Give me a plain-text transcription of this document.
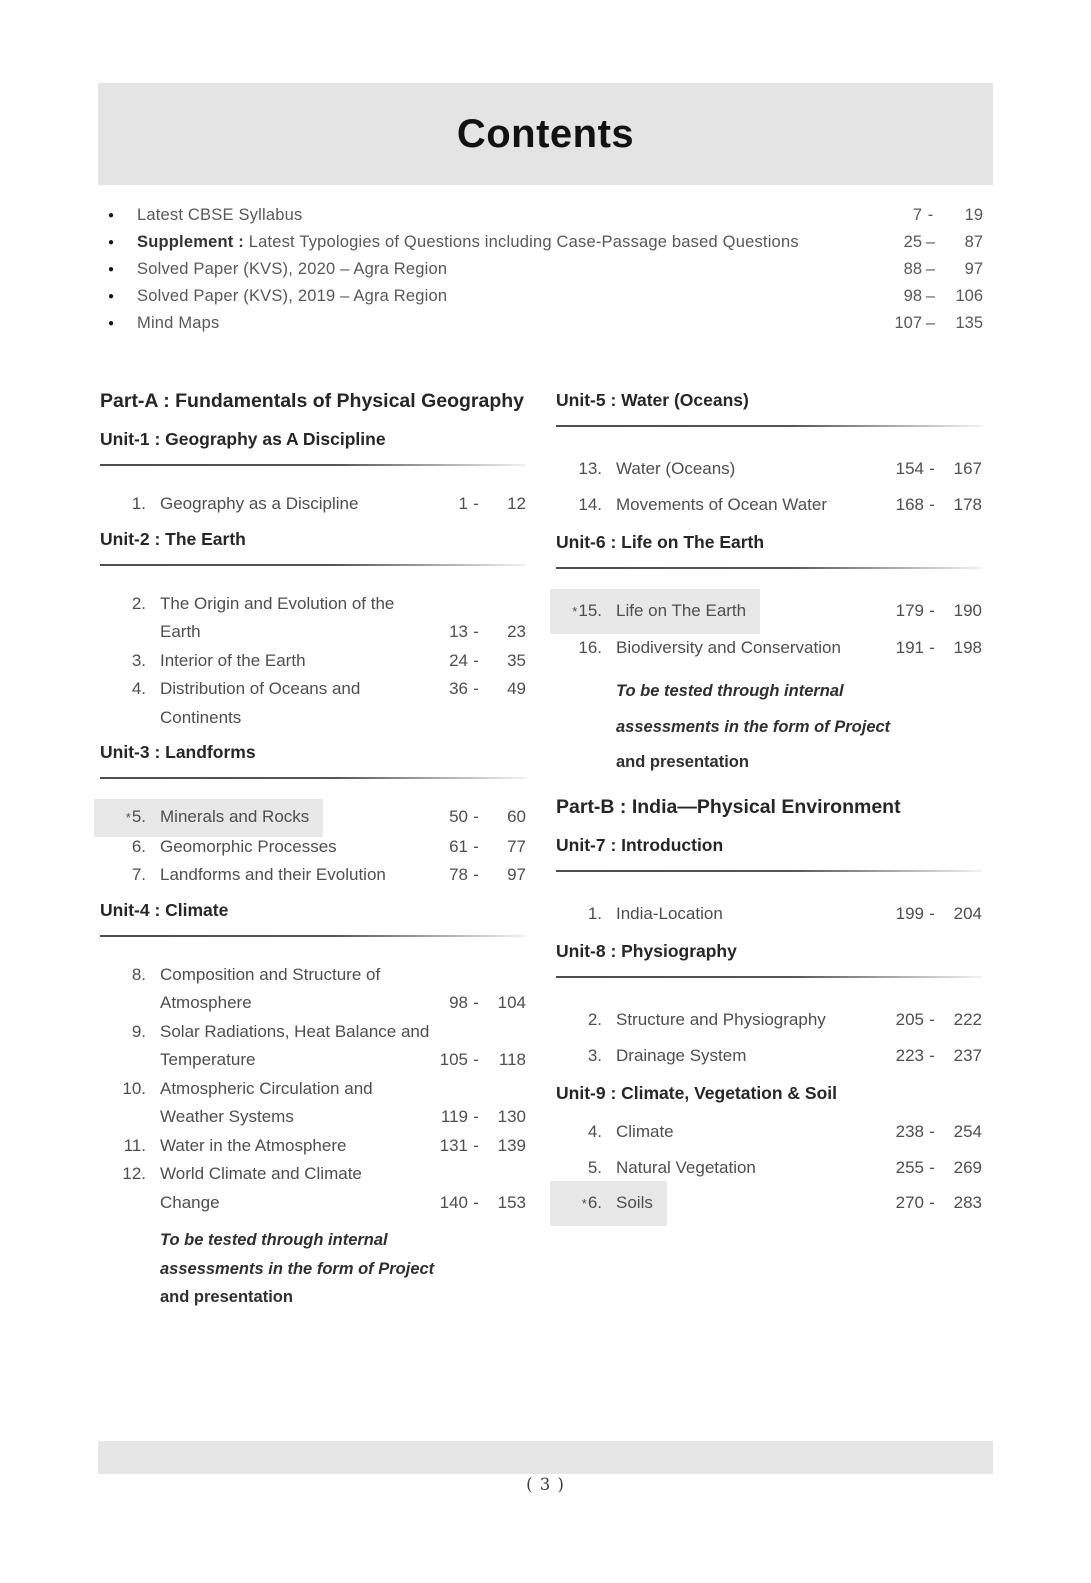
Contents
●	Latest CBSE Syllabus	7 -	19
●	Supplement : Latest Typologies of Questions including Case-Passage based Questions	25 –	87
●	Solved Paper (KVS), 2020 – Agra Region	88 –	97
●	Solved Paper (KVS), 2019 – Agra Region	98 –	106
●	Mind Maps	107 –	135
Part-A : Fundamentals of Physical Geography
Unit-1 : Geography as A Discipline
1. Geography as a Discipline	1 -	12
Unit-2 : The Earth
2. The Origin and Evolution of the
Earth	13 -	23
3. Interior of the Earth	24 -	35
4. Distribution of Oceans and	36 -	49
Continents
Unit-3 : Landforms
*5. Minerals and Rocks	50 -	60
6. Geomorphic Processes	61 -	77
7. Landforms and their Evolution	78 -	97
Unit-4 : Climate
8. Composition and Structure of
Atmosphere	98 -	104
9. Solar Radiations, Heat Balance and
Temperature	105 -	118
10. Atmospheric Circulation and
Weather Systems	119 -	130
11. Water in the Atmosphere	131 -	139
12. World Climate and Climate
Change	140 -	153
To be tested through internal
assessments in the form of Project
and presentation
Unit-5 : Water (Oceans)
13. Water (Oceans)	154 -	167
14. Movements of Ocean Water	168 -	178
Unit-6 : Life on The Earth
*15. Life on The Earth	179 -	190
16. Biodiversity and Conservation	191 -	198
To be tested through internal
assessments in the form of Project
and presentation
Part-B : India—Physical Environment
Unit-7 : Introduction
1. India-Location	199 -	204
Unit-8 : Physiography
2. Structure and Physiography	205 -	222
3. Drainage System	223 -	237
Unit-9 : Climate, Vegetation & Soil
4. Climate	238 -	254
5. Natural Vegetation	255 -	269
*6. Soils	270 -	283
( 3 )
